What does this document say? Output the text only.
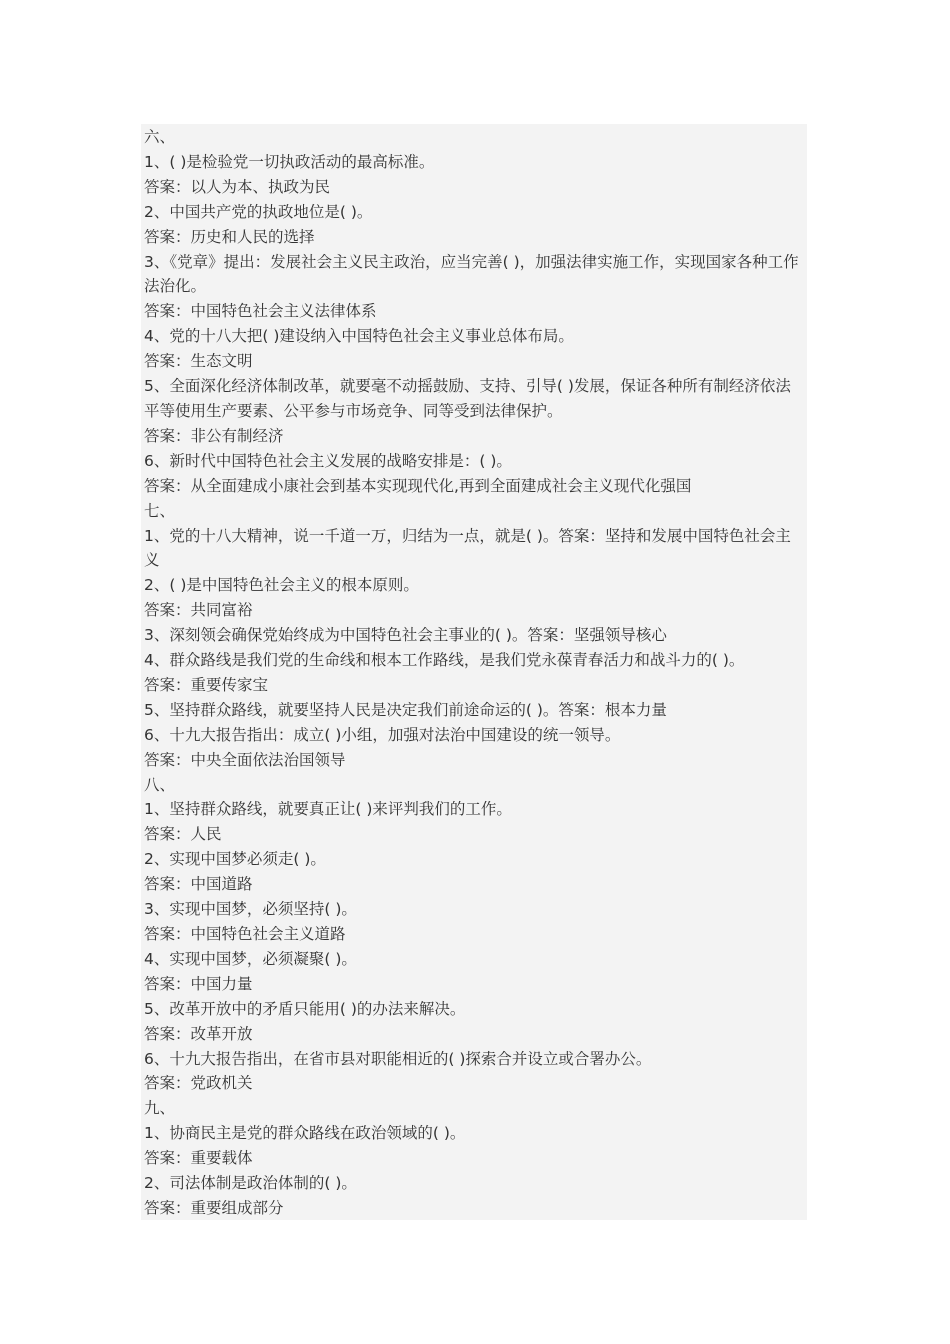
六、
1、( )是检验党一切执政活动的最高标准。
答案：以人为本、执政为民
2、中国共产党的执政地位是( )。
答案：历史和人民的选择
3、《党章》提出：发展社会主义民主政治，应当完善( )，加强法律实施工作，实现国家各种工作法治化。
答案：中国特色社会主义法律体系
4、党的十八大把( )建设纳入中国特色社会主义事业总体布局。
答案：生态文明
5、全面深化经济体制改革，就要毫不动摇鼓励、支持、引导( )发展，保证各种所有制经济依法平等使用生产要素、公平参与市场竞争、同等受到法律保护。
答案：非公有制经济
6、新时代中国特色社会主义发展的战略安排是：( )。
答案：从全面建成小康社会到基本实现现代化,再到全面建成社会主义现代化强国
七、
1、党的十八大精神，说一千道一万，归结为一点，就是( )。答案：坚持和发展中国特色社会主义
2、( )是中国特色社会主义的根本原则。
答案：共同富裕
3、深刻领会确保党始终成为中国特色社会主事业的( )。答案：坚强领导核心
4、群众路线是我们党的生命线和根本工作路线，是我们党永葆青春活力和战斗力的( )。
答案：重要传家宝
5、坚持群众路线，就要坚持人民是决定我们前途命运的( )。答案：根本力量
6、十九大报告指出：成立( )小组，加强对法治中国建设的统一领导。
答案：中央全面依法治国领导
八、
1、坚持群众路线，就要真正让( )来评判我们的工作。
答案：人民
2、实现中国梦必须走( )。
答案：中国道路
3、实现中国梦，必须坚持( )。
答案：中国特色社会主义道路
4、实现中国梦，必须凝聚( )。
答案：中国力量
5、改革开放中的矛盾只能用( )的办法来解决。
答案：改革开放
6、十九大报告指出，在省市县对职能相近的( )探索合并设立或合署办公。
答案：党政机关
九、
1、协商民主是党的群众路线在政治领域的( )。
答案：重要载体
2、司法体制是政治体制的( )。
答案：重要组成部分
